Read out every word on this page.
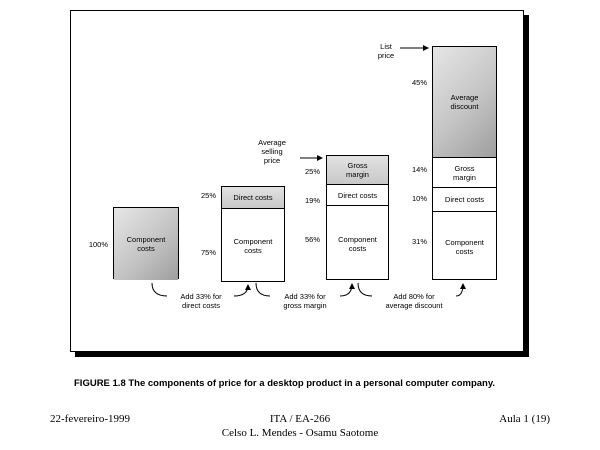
Component
costs
100%
Direct costs
Component
costs
25%
75%
Gross
margin
Direct costs
Component
costs
25%
19%
56%
Average
discount
Gross
margin
Direct costs
Component
costs
45%
14%
10%
31%
Average
selling
price
List
price
Add 33% for
direct costs
Add 33% for
gross margin
Add 80% for
average discount
FIGURE 1.8 The components of price for a desktop product in a personal computer company.
22-fevereiro-1999	ITA / EA-266
Celso L. Mendes - Osamu Saotome
Aula 1 (19)
